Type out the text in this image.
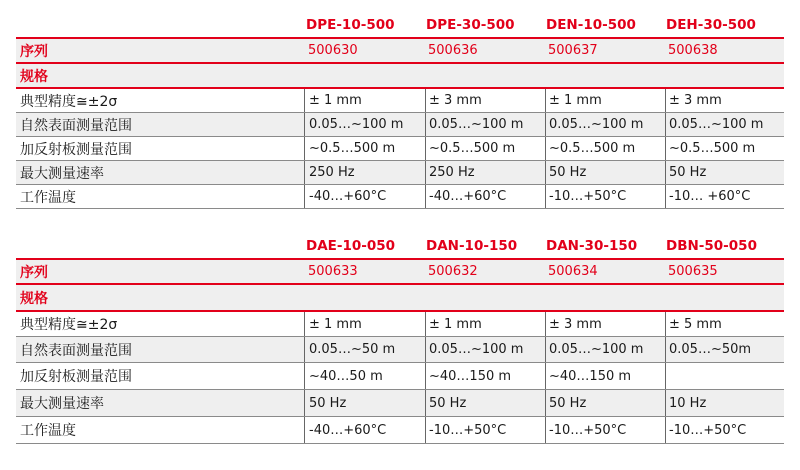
DPE-10-500	DPE-30-500	DEN-10-500	DEH-30-500
序列	500630	500636	500637	500638
规格
典型精度≅±2σ	± 1 mm	± 3 mm	± 1 mm	± 3 mm
自然表面测量范围	0.05…~100 m	0.05…~100 m	0.05…~100 m	0.05…~100 m
加反射板测量范围	~0.5…500 m	~0.5…500 m	~0.5…500 m	~0.5…500 m
最大测量速率	250 Hz	250 Hz	50 Hz	50 Hz
工作温度	-40…+60°C	-40…+60°C	-10…+50°C	-10… +60°C
DAE-10-050	DAN-10-150	DAN-30-150	DBN-50-050
序列	500633	500632	500634	500635
规格
典型精度≅±2σ	± 1 mm	± 1 mm	± 3 mm	± 5 mm
自然表面测量范围	0.05…~50 m	0.05…~100 m	0.05…~100 m	0.05…~50m
加反射板测量范围	~40…50 m	~40…150 m	~40…150 m
最大测量速率	50 Hz	50 Hz	50 Hz	10 Hz
工作温度	-40…+60°C	-10…+50°C	-10…+50°C	-10…+50°C
